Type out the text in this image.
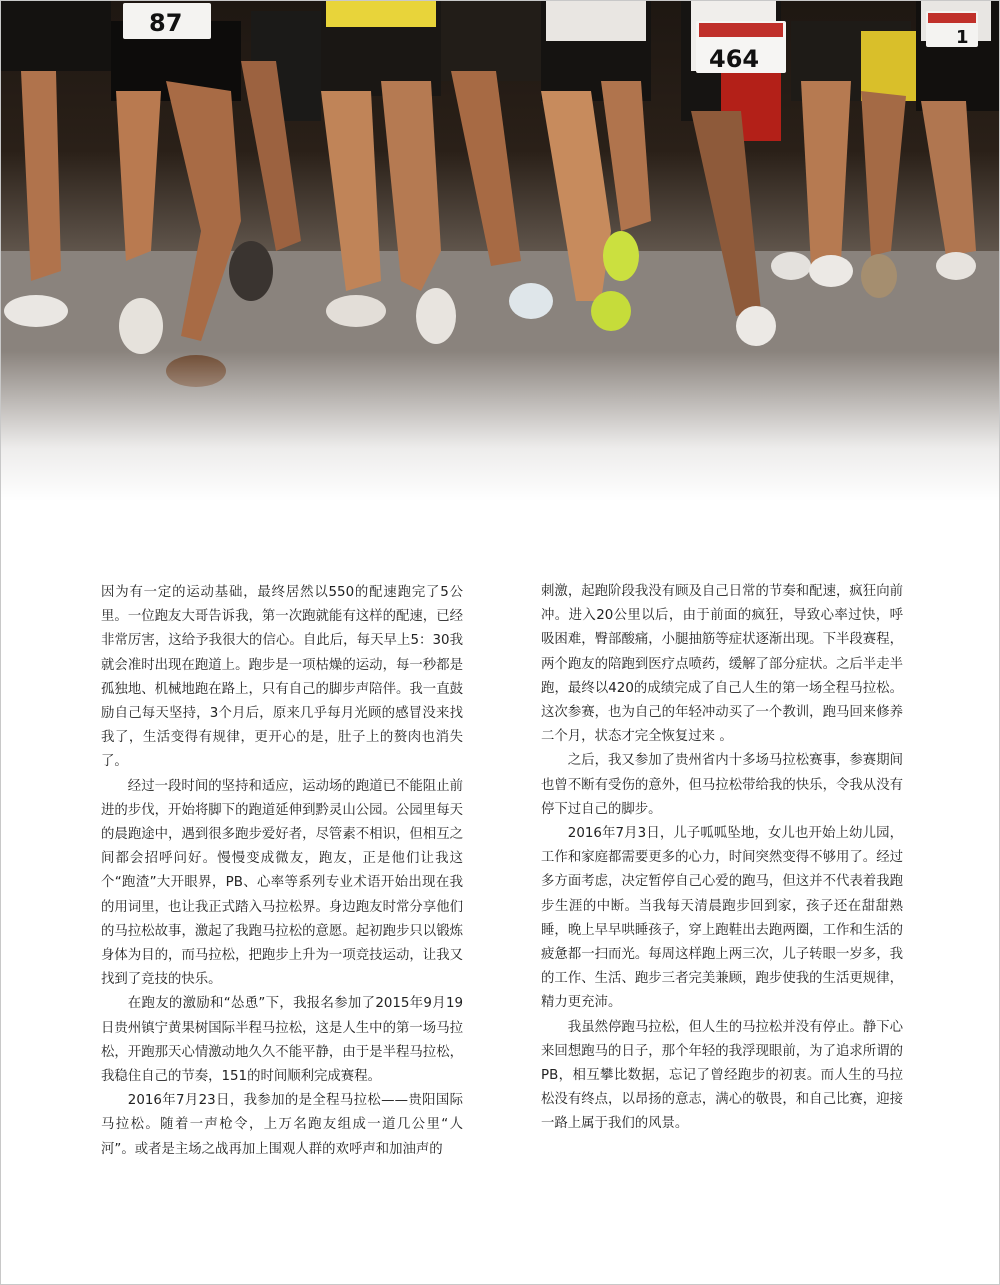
87
464
1

因为有一定的运动基础，最终居然以550的配速跑完了5公里。一位跑友大哥告诉我，第一次跑就能有这样的配速，已经非常厉害，这给予我很大的信心。自此后，每天早上5：30我就会准时出现在跑道上。跑步是一项枯燥的运动，每一秒都是孤独地、机械地跑在路上，只有自己的脚步声陪伴。我一直鼓励自己每天坚持，3个月后，原来几乎每月光顾的感冒没来找我了，生活变得有规律，更开心的是，肚子上的赘肉也消失了。

经过一段时间的坚持和适应，运动场的跑道已不能阻止前进的步伐，开始将脚下的跑道延伸到黔灵山公园。公园里每天的晨跑途中，遇到很多跑步爱好者，尽管素不相识，但相互之间都会招呼问好。慢慢变成微友，跑友，正是他们让我这个“跑渣”大开眼界，PB、心率等系列专业术语开始出现在我的用词里，也让我正式踏入马拉松界。身边跑友时常分享他们的马拉松故事，激起了我跑马拉松的意愿。起初跑步只以锻炼身体为目的，而马拉松，把跑步上升为一项竞技运动，让我又找到了竞技的快乐。

在跑友的激励和“怂恿”下，我报名参加了2015年9月19日贵州镇宁黄果树国际半程马拉松，这是人生中的第一场马拉松，开跑那天心情激动地久久不能平静，由于是半程马拉松，我稳住自己的节奏，151的时间顺利完成赛程。

2016年7月23日，我参加的是全程马拉松——贵阳国际马拉松。随着一声枪令，上万名跑友组成一道几公里“人河”。或者是主场之战再加上围观人群的欢呼声和加油声的

刺激，起跑阶段我没有顾及自己日常的节奏和配速，疯狂向前冲。进入20公里以后，由于前面的疯狂，导致心率过快，呼吸困难，臀部酸痛，小腿抽筋等症状逐渐出现。下半段赛程，两个跑友的陪跑到医疗点喷药，缓解了部分症状。之后半走半跑，最终以420的成绩完成了自己人生的第一场全程马拉松。这次参赛，也为自己的年轻冲动买了一个教训，跑马回来修养二个月，状态才完全恢复过来 。

之后，我又参加了贵州省内十多场马拉松赛事，参赛期间也曾不断有受伤的意外，但马拉松带给我的快乐，令我从没有停下过自己的脚步。

2016年7月3日，儿子呱呱坠地，女儿也开始上幼儿园，工作和家庭都需要更多的心力，时间突然变得不够用了。经过多方面考虑，决定暂停自己心爱的跑马，但这并不代表着我跑步生涯的中断。当我每天清晨跑步回到家，孩子还在甜甜熟睡，晚上早早哄睡孩子，穿上跑鞋出去跑两圈，工作和生活的疲惫都一扫而光。每周这样跑上两三次，儿子转眼一岁多，我的工作、生活、跑步三者完美兼顾，跑步使我的生活更规律，精力更充沛。

我虽然停跑马拉松，但人生的马拉松并没有停止。静下心来回想跑马的日子，那个年轻的我浮现眼前，为了追求所谓的PB，相互攀比数据，忘记了曾经跑步的初衷。而人生的马拉松没有终点，以昂扬的意志，满心的敬畏，和自己比赛，迎接一路上属于我们的风景。
